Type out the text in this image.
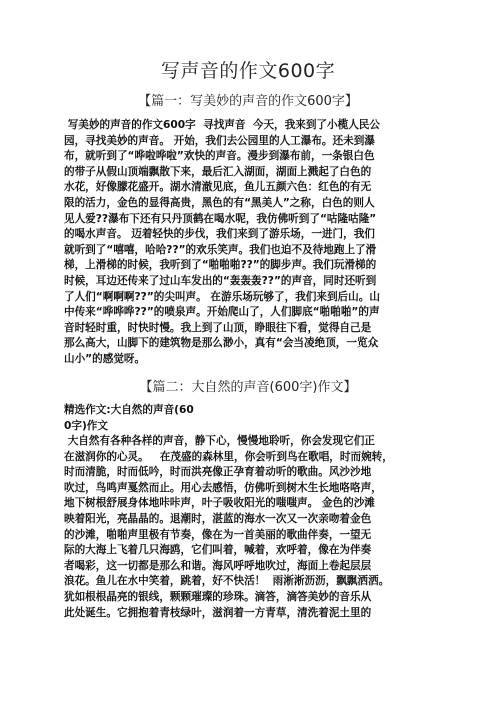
写声音的作文600字
【篇一：写美妙的声音的作文600字】
写美妙的声音的作文600字  寻找声音  今天，我来到了小榄人民公
园，寻找美妙的声音。 开始，我们去公园里的人工瀑布。还未到瀑
布，就听到了“哗啦哗啦”欢快的声音。漫步到瀑布前，一条银白色
的带子从假山顶端飘散下来，最后汇入湖面，湖面上溅起了白色的
水花，好像朦花盛开。湖水清澈见底，鱼儿五颜六色：红色的有无
限的活力，金色的显得高贵，黑色的有“黑美人”之称，白色的则人
见人爱??瀑布下还有只丹顶鹤在喝水呢，我仿佛听到了“咕隆咕隆”
的喝水声音。 迈着轻快的步伐，我们来到了游乐场，一进门，我们
就听到了“嘻嘻，哈哈??”的欢乐笑声。我们也迫不及待地跑上了滑
梯，上滑梯的时候，我听到了“啪啪啪??”的脚步声。我们玩滑梯的
时候，耳边还传来了过山车发出的“轰轰轰??”的声音，同时还听到
了人们“啊啊啊??”的尖叫声。 在游乐场玩够了，我们来到后山。山
中传来“哗哗哗??”的喷泉声。开始爬山了，人们脚底“啪啪啪”的声
音时轻时重，时快时慢。我上到了山顶，睁眼往下看，觉得自己是
那么高大，山脚下的建筑物是那么渺小，真有“会当凌绝顶，一览众
山小”的感觉呀。
【篇二：大自然的声音(600字)作文】
精选作文:大自然的声音(60
0字)作文
大自然有各种各样的声音，静下心，慢慢地聆听，你会发现它们正
在滋润你的心灵。   在茂盛的森林里，你会听到鸟在歌唱，时而婉转，
时而清脆，时而低吟，时而洪亮像正孕育着动听的歌曲。风沙沙地
吹过，鸟鸣声戛然而止。用心去感悟，仿佛听到树木生长地咯咯声，
地下树根舒展身体地咔咔声，叶子吸收阳光的嗤嗤声。 金色的沙滩
映着阳光，亮晶晶的。退潮时，湛蓝的海水一次又一次亲吻着金色
的沙滩，啪啪声里极有节奏，像在为一首美丽的歌曲伴奏，一望无
际的大海上飞着几只海鸥，它们叫着，喊着，欢呼着，像在为伴奏
者喝彩，这一切都是那么和谐。海风呼呼地吹过，海面上卷起层层
浪花。鱼儿在水中笑着，跳着，好不快活！  雨淅淅沥沥，飘飘洒洒。
犹如根根晶亮的银线，颗颗璀璨的珍珠。滴答，滴答美妙的音乐从
此处诞生。它拥抱着青枝绿叶，滋润着一方青草，清洗着泥土里的
